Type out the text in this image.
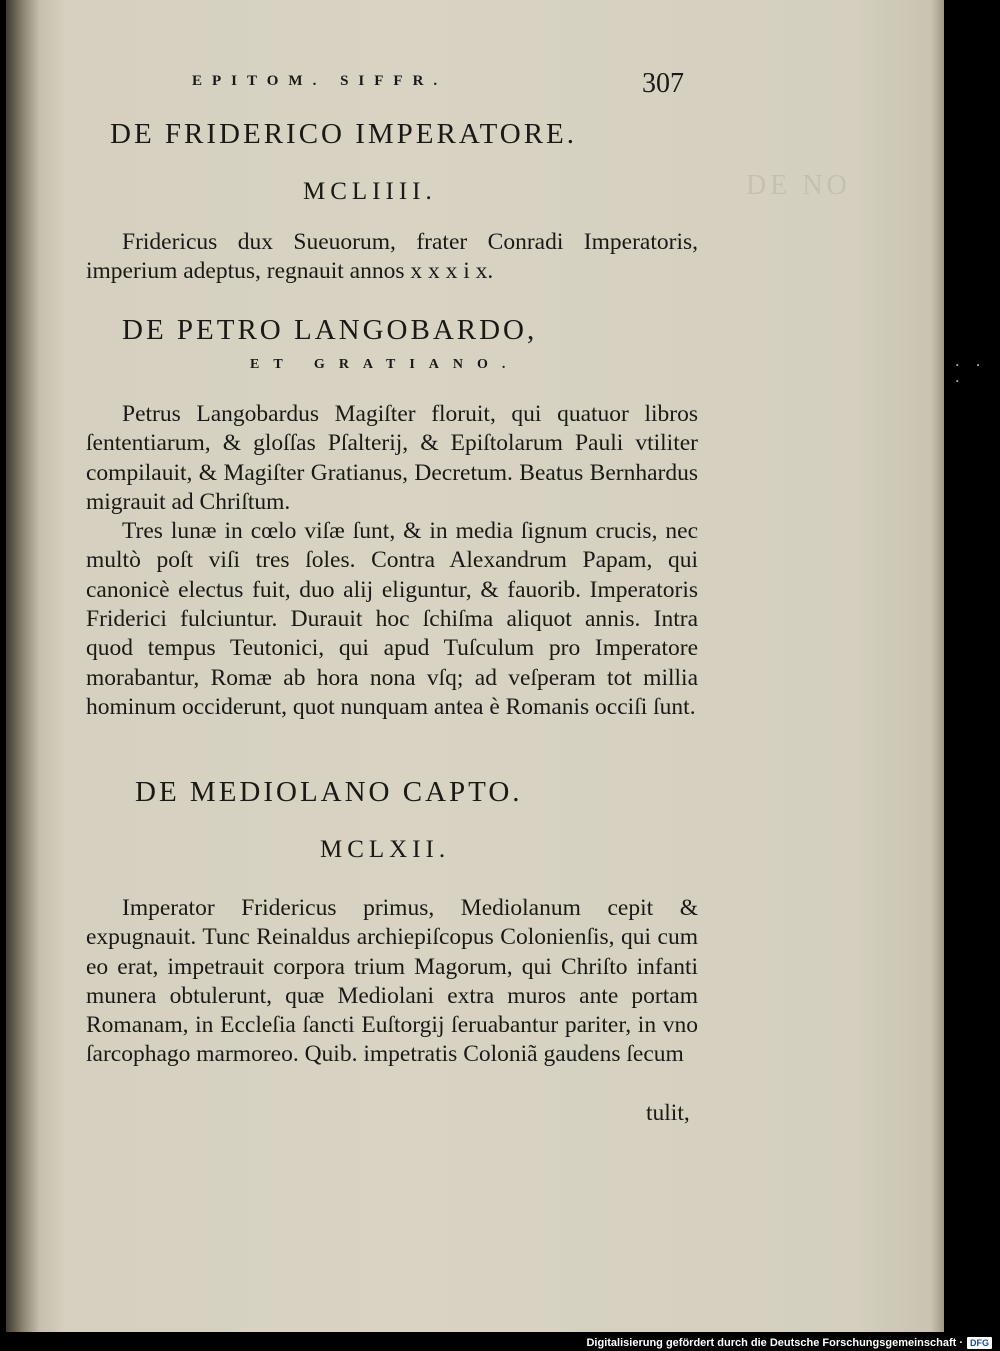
DE NO
EPITOM. SIFFR.	307
DE FRIDERICO IMPERATORE.
MCLIIII.

Fridericus dux Sueuorum, frater Conradi Imperatoris, imperium adeptus, regnauit annos x x x i x.

DE PETRO LANGOBARDO,
ET GRATIANO.

Petrus Langobardus Magiſter floruit, qui quatuor libros ſententiarum, & gloſſas Pſalterij, & Epiſtolarum Pauli vtiliter compilauit, & Magiſter Gratianus, Decretum. Beatus Bernhardus migrauit ad Chriſtum.

Tres lunæ in cœlo viſæ ſunt, & in media ſignum crucis, nec multò poſt viſi tres ſoles. Contra Alexandrum Papam, qui canonicè electus fuit, duo alij eliguntur, & fauorib. Imperatoris Friderici fulciuntur. Durauit hoc ſchiſma aliquot annis. Intra quod tempus Teutonici, qui apud Tuſculum pro Imperatore morabantur, Romæ ab hora nona vſq; ad veſperam tot millia hominum occiderunt, quot nunquam antea è Romanis occiſi ſunt.

DE MEDIOLANO CAPTO.
MCLXII.

Imperator Fridericus primus, Mediolanum cepit & expugnauit. Tunc Reinaldus archiepiſcopus Colonienſis, qui cum eo erat, impetrauit corpora trium Magorum, qui Chriſto infanti munera obtulerunt, quæ Mediolani extra muros ante portam Romanam, in Eccleſia ſancti Euſtorgij ſeruabantur pariter, in vno ſarcophago marmoreo. Quib. impetratis Coloniã gaudens ſecum

tulit,
· · ·
Digitalisierung gefördert durch die Deutsche Forschungsgemeinschaft · DFG
